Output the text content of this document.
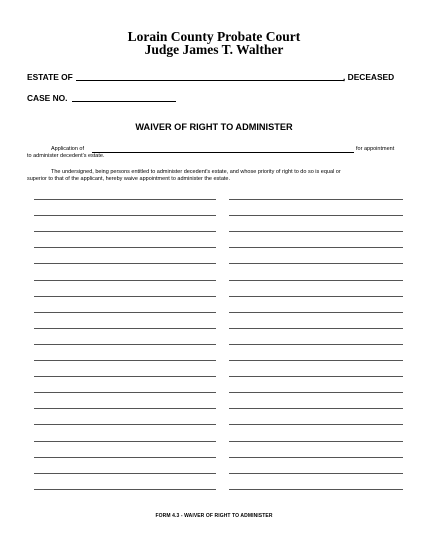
Lorain County Probate Court
Judge James T. Walther
ESTATE OF	, DECEASED
CASE NO.
WAIVER OF RIGHT TO ADMINISTER
Application of	for appointment
to administer decedent's estate.
The undersigned, being persons entitled to administer decedent's estate, and whose priority of right to do so is equal or
superior to that of the applicant, hereby waive appointment to administer the estate.
FORM 4.3 - WAIVER OF RIGHT TO ADMINISTER
